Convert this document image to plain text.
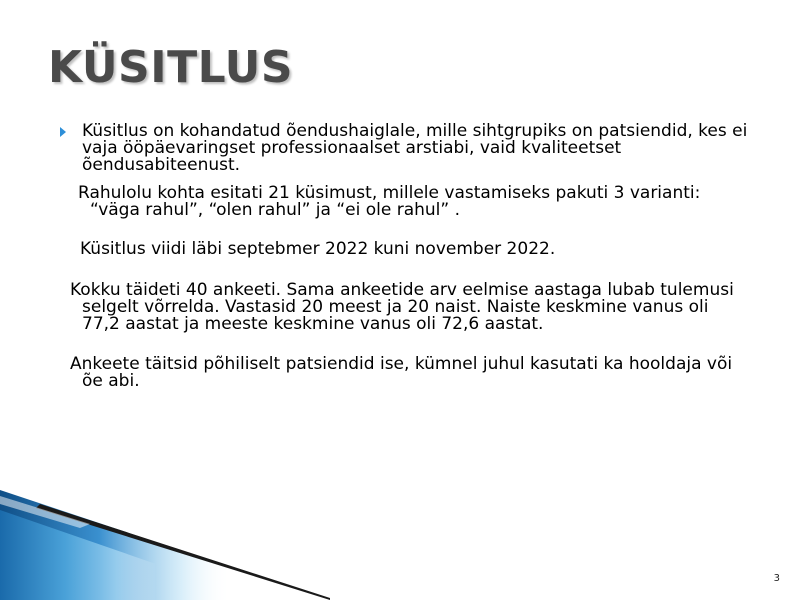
KÜSITLUS

Küsitlus on kohandatud õendushaiglale, mille sihtgrupiks on patsiendid, kes ei vaja ööpäevaringset professionaalset arstiabi, vaid kvaliteetset õendusabiteenust.

Rahulolu kohta esitati 21 küsimust, millele vastamiseks pakuti 3 varianti: “väga rahul”, “olen rahul” ja “ei ole rahul” .

Küsitlus viidi läbi septebmer 2022 kuni november 2022.

Kokku täideti 40 ankeeti. Sama ankeetide arv eelmise aastaga lubab tulemusi selgelt võrrelda. Vastasid 20 meest ja 20 naist. Naiste keskmine vanus oli 77,2 aastat ja meeste keskmine vanus oli 72,6 aastat.

Ankeete täitsid põhiliselt patsiendid ise, kümnel juhul kasutati ka hooldaja või õe abi.

3
